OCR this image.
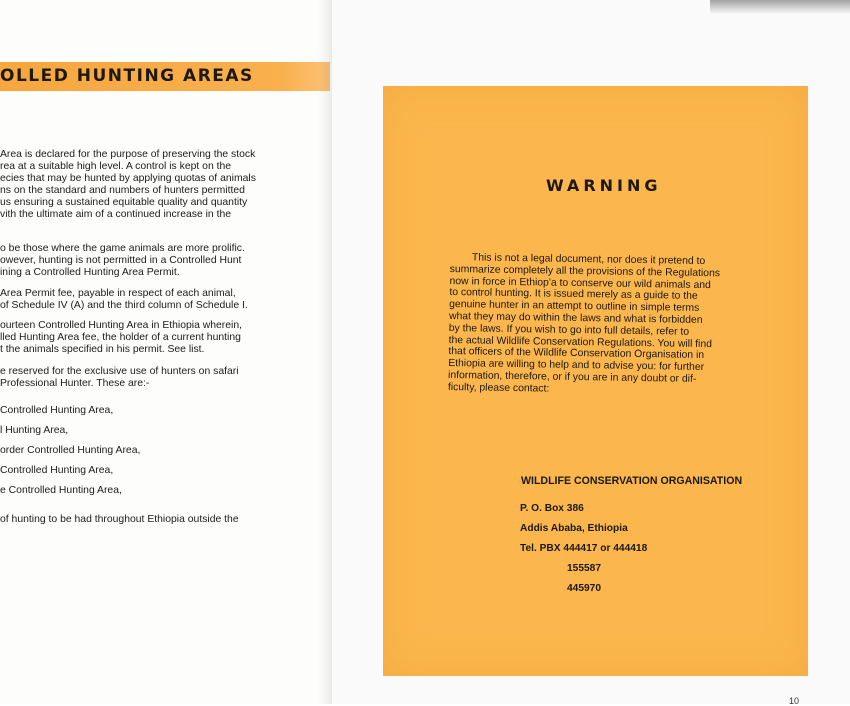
OLLED HUNTING AREAS
Area is declared for the purpose of preserving the stock
rea at a suitable high level. A control is kept on the
ecies that may be hunted by applying quotas of animals
ns on the standard and numbers of hunters permitted
us ensuring a sustained equitable quality and quantity
vith the ultimate aim of a continued increase in the
o be those where the game animals are more prolific.
owever, hunting is not permitted in a Controlled Hunt
ining a Controlled Hunting Area Permit.
Area Permit fee, payable in respect of each animal,
of Schedule IV (A) and the third column of Schedule I.
ourteen Controlled Hunting Area in Ethiopia wherein,
lled Hunting Area fee, the holder of a current hunting
t the animals specified in his permit. See list.
e reserved for the exclusive use of hunters on safari
Professional Hunter. These are:-
Controlled Hunting Area,
l Hunting Area,
order Controlled Hunting Area,
Controlled Hunting Area,
e Controlled Hunting Area,
of hunting to be had throughout Ethiopia outside the
WARNING
This is not a legal document, nor does it pretend to
summarize completely all the provisions of the Regulations
now in force in Ethiop'a to conserve our wild animals and
to control hunting. It is issued merely as a guide to the
genuine hunter in an attempt to outline in simple terms
what they may do within the laws and what is forbidden
by the laws. If you wish to go into full details, refer to
the actual Wildlife Conservation Regulations. You will find
that officers of the Wildlife Conservation Organisation in
Ethiopia are willing to help and to advise you: for further
information, therefore, or if you are in any doubt or dif-
ficulty, please contact:
WILDLIFE CONSERVATION ORGANISATION
P. O. Box 386
Addis Ababa, Ethiopia
Tel. PBX 444417 or 444418
155587
445970
10
